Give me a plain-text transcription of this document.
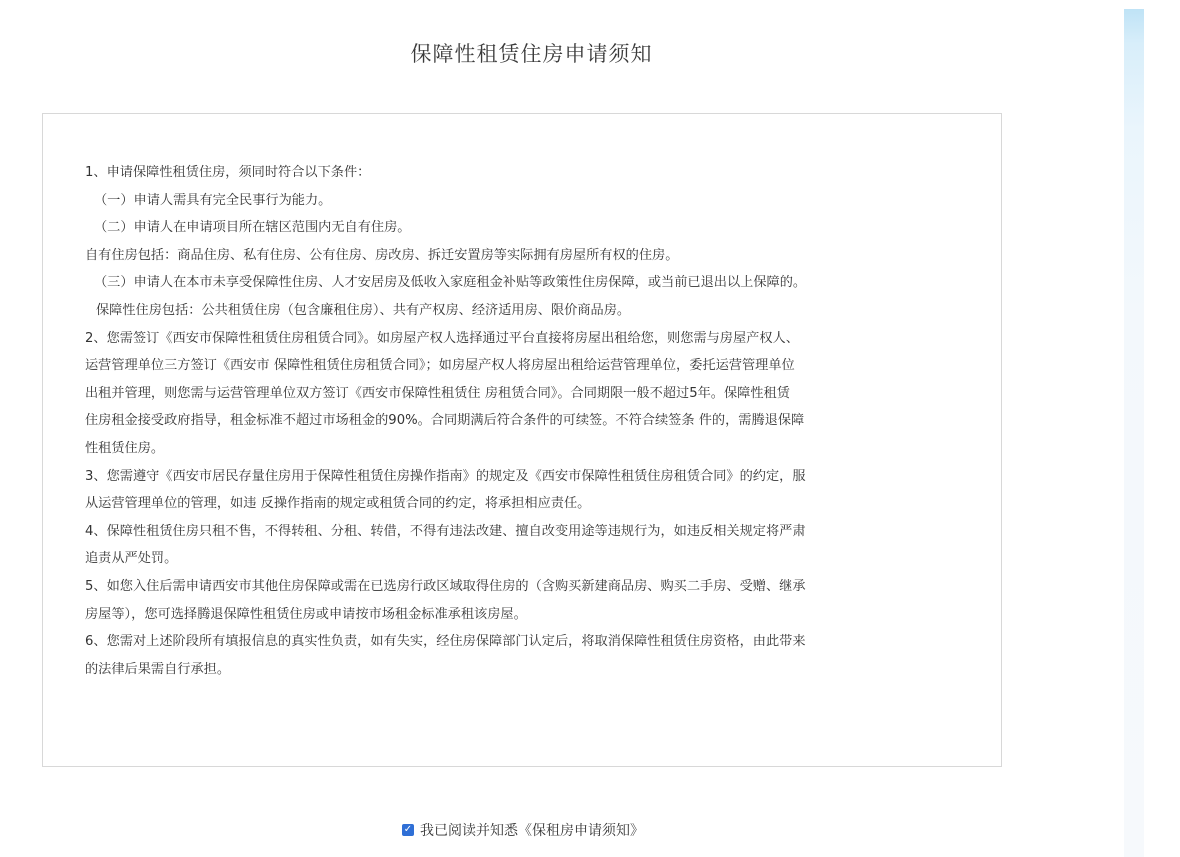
保障性租赁住房申请须知
1、申请保障性租赁住房，须同时符合以下条件：
（一）申请人需具有完全民事行为能力。
（二）申请人在申请项目所在辖区范围内无自有住房。
自有住房包括：商品住房、私有住房、公有住房、房改房、拆迁安置房等实际拥有房屋所有权的住房。
（三）申请人在本市未享受保障性住房、人才安居房及低收入家庭租金补贴等政策性住房保障，或当前已退出以上保障的。
保障性住房包括：公共租赁住房（包含廉租住房）、共有产权房、经济适用房、限价商品房。
2、您需签订《西安市保障性租赁住房租赁合同》。如房屋产权人选择通过平台直接将房屋出租给您，则您需与房屋产权人、
运营管理单位三方签订《西安市 保障性租赁住房租赁合同》；如房屋产权人将房屋出租给运营管理单位，委托运营管理单位
出租并管理，则您需与运营管理单位双方签订《西安市保障性租赁住 房租赁合同》。合同期限一般不超过5年。保障性租赁
住房租金接受政府指导，租金标准不超过市场租金的90%。合同期满后符合条件的可续签。不符合续签条 件的，需腾退保障
性租赁住房。
3、您需遵守《西安市居民存量住房用于保障性租赁住房操作指南》的规定及《西安市保障性租赁住房租赁合同》的约定，服
从运营管理单位的管理，如违 反操作指南的规定或租赁合同的约定，将承担相应责任。
4、保障性租赁住房只租不售，不得转租、分租、转借，不得有违法改建、擅自改变用途等违规行为，如违反相关规定将严肃
追责从严处罚。
5、如您入住后需申请西安市其他住房保障或需在已选房行政区域取得住房的（含购买新建商品房、购买二手房、受赠、继承
房屋等），您可选择腾退保障性租赁住房或申请按市场租金标准承租该房屋。
6、您需对上述阶段所有填报信息的真实性负责，如有失实，经住房保障部门认定后，将取消保障性租赁住房资格，由此带来
的法律后果需自行承担。
✓ 我已阅读并知悉《保租房申请须知》
